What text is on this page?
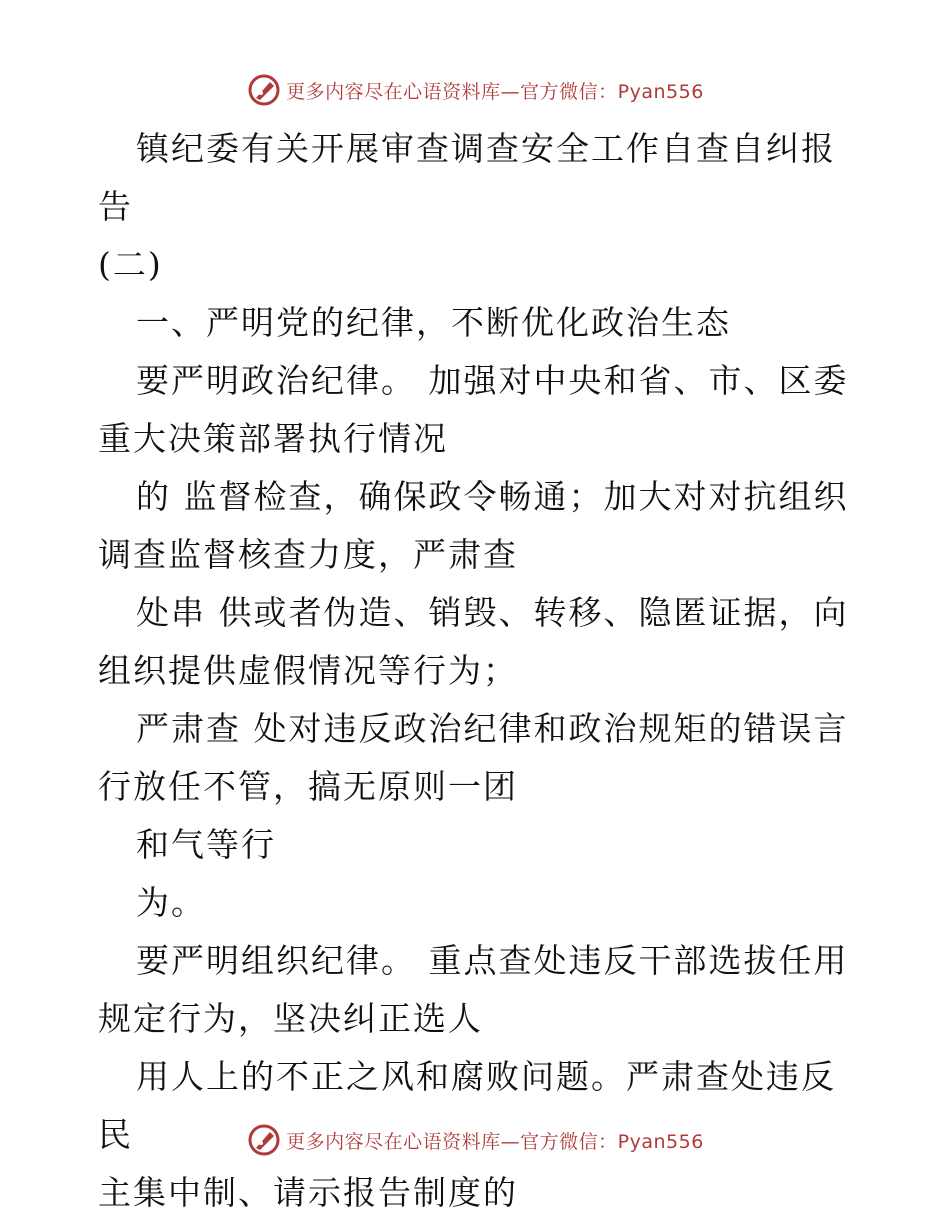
更多内容尽在心语资料库—官方微信：Pyan556

镇纪委有关开展审查调查安全工作自查自纠报告

(二)

一、严明党的纪律，不断优化政治生态

要严明政治纪律。 加强对中央和省、市、区委

重大决策部署执行情况

的 监督检查，确保政令畅通；加大对对抗组织

调查监督核查力度，严肃查

处串 供或者伪造、销毁、转移、隐匿证据，向

组织提供虚假情况等行为；

严肃查 处对违反政治纪律和政治规矩的错误言

行放任不管，搞无原则一团

和气等行

为。

要严明组织纪律。 重点查处违反干部选拔任用

规定行为，坚决纠正选人

用人上的不正之风和腐败问题。严肃查处违反民

主集中制、请示报告制度的

更多内容尽在心语资料库—官方微信：Pyan556
